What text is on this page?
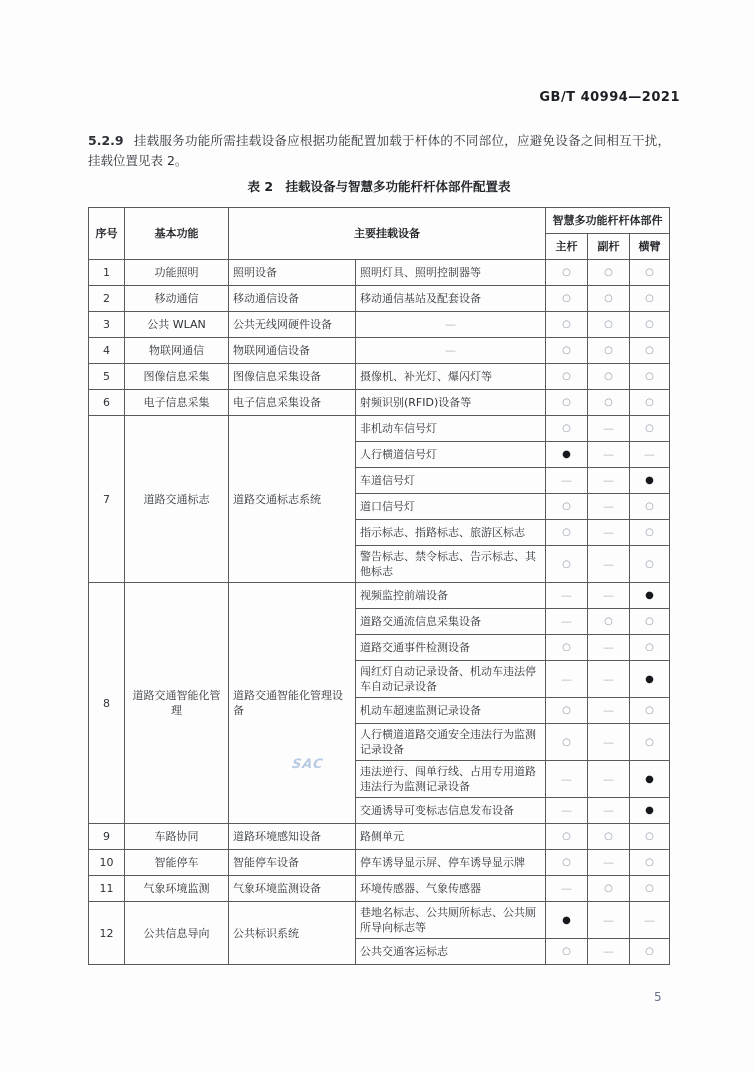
GB/T 40994—2021

5.2.9 挂载服务功能所需挂载设备应根据功能配置加载于杆体的不同部位，应避免设备之间相互干扰，挂载位置见表 2。

表 2　挂载设备与智慧多功能杆杆体部件配置表
序号	基本功能	主要挂载设备		智慧多功能杆杆体部件		
				主杆	副杆	横臂
1	功能照明	照明设备	照明灯具、照明控制器等	○	○	○
2	移动通信	移动通信设备	移动通信基站及配套设备	○	○	○
3	公共 WLAN	公共无线网硬件设备	—	○	○	○
4	物联网通信	物联网通信设备	—	○	○	○
5	图像信息采集	图像信息采集设备	摄像机、补光灯、爆闪灯等	○	○	○
6	电子信息采集	电子信息采集设备	射频识别(RFID)设备等	○	○	○
7	道路交通标志	道路交通标志系统	非机动车信号灯	○	—	○
			人行横道信号灯	●	—	—
			车道信号灯	—	—	●
			道口信号灯	○	—	○
			指示标志、指路标志、旅游区标志	○	—	○
			警告标志、禁令标志、告示标志、其他标志	○	—	○
8	道路交通智能化管理	道路交通智能化管理设备	视频监控前端设备	—	—	●
			道路交通流信息采集设备	—	○	○
			道路交通事件检测设备	○	—	○
			闯红灯自动记录设备、机动车违法停车自动记录设备	—	—	●
			机动车超速监测记录设备	○	—	○
			人行横道道路交通安全违法行为监测记录设备	○	—	○
			违法逆行、闯单行线、占用专用道路违法行为监测记录设备	—	—	●
			交通诱导可变标志信息发布设备	—	—	●
9	车路协同	道路环境感知设备	路侧单元	○	○	○
10	智能停车	智能停车设备	停车诱导显示屏、停车诱导显示牌	○	—	○
11	气象环境监测	气象环境监测设备	环境传感器、气象传感器	—	○	○
12	公共信息导向	公共标识系统	巷地名标志、公共厕所标志、公共厕所导向标志等	●	—	—
			公共交通客运标志	○	—	○
SAC
5
